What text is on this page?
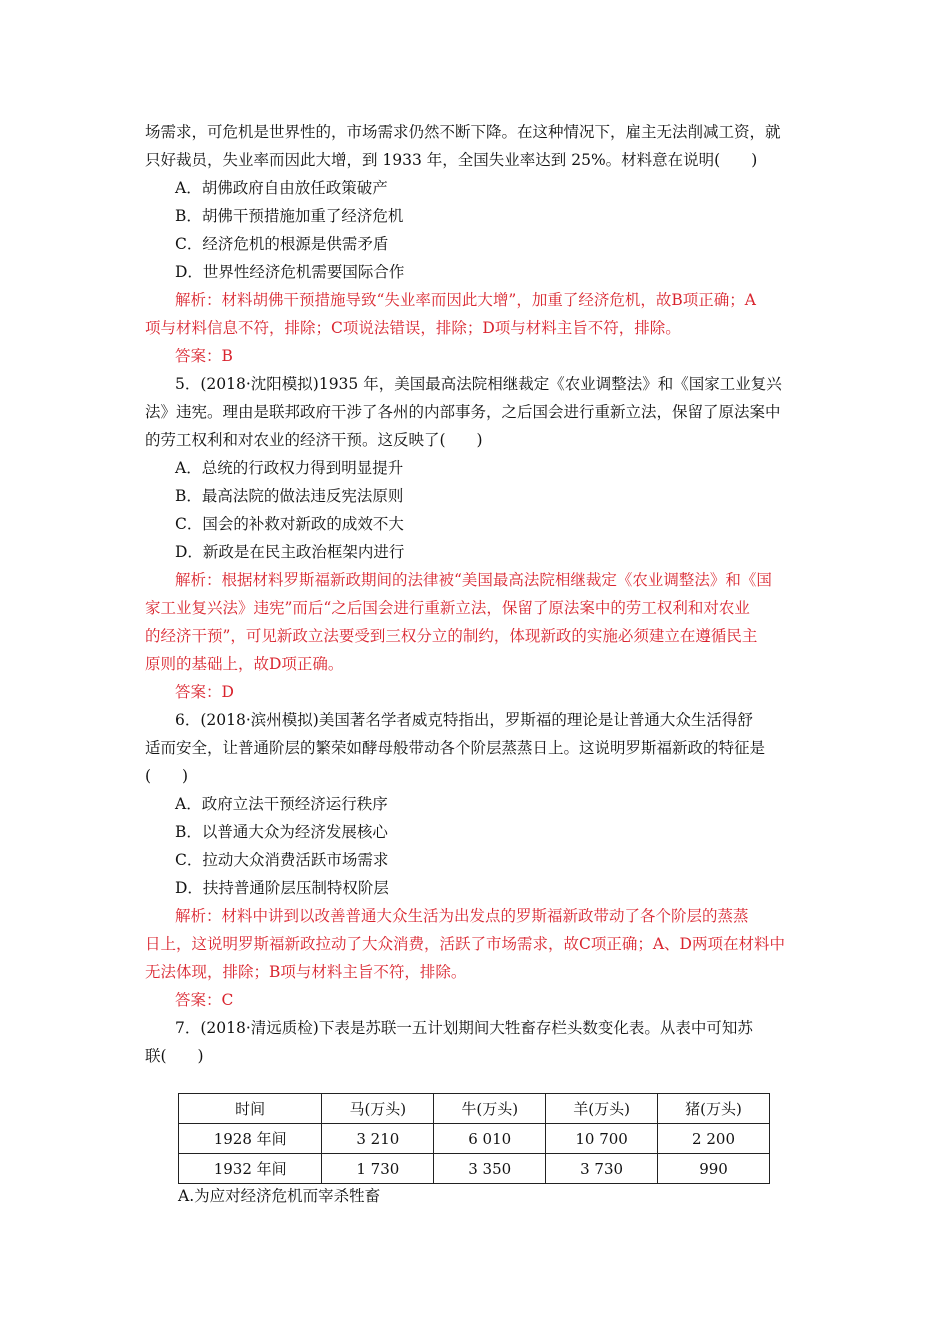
场需求，可危机是世界性的，市场需求仍然不断下降。在这种情况下，雇主无法削减工资，就
只好裁员，失业率而因此大增，到 1933 年，全国失业率达到 25%。材料意在说明(　　)
A．胡佛政府自由放任政策破产
B．胡佛干预措施加重了经济危机
C．经济危机的根源是供需矛盾
D．世界性经济危机需要国际合作
解析：材料胡佛干预措施导致“失业率而因此大增”，加重了经济危机，故B项正确；A
项与材料信息不符，排除；C项说法错误，排除；D项与材料主旨不符，排除。
答案：B
5．(2018·沈阳模拟)1935 年，美国最高法院相继裁定《农业调整法》和《国家工业复兴
法》违宪。理由是联邦政府干涉了各州的内部事务，之后国会进行重新立法，保留了原法案中
的劳工权利和对农业的经济干预。这反映了(　　)
A．总统的行政权力得到明显提升
B．最高法院的做法违反宪法原则
C．国会的补救对新政的成效不大
D．新政是在民主政治框架内进行
解析：根据材料罗斯福新政期间的法律被“美国最高法院相继裁定《农业调整法》和《国
家工业复兴法》违宪”而后“之后国会进行重新立法，保留了原法案中的劳工权利和对农业
的经济干预”，可见新政立法要受到三权分立的制约，体现新政的实施必须建立在遵循民主
原则的基础上，故D项正确。
答案：D
6．(2018·滨州模拟)美国著名学者威克特指出，罗斯福的理论是让普通大众生活得舒
适而安全，让普通阶层的繁荣如酵母般带动各个阶层蒸蒸日上。这说明罗斯福新政的特征是
(　　)
A．政府立法干预经济运行秩序
B．以普通大众为经济发展核心
C．拉动大众消费活跃市场需求
D．扶持普通阶层压制特权阶层
解析：材料中讲到以改善普通大众生活为出发点的罗斯福新政带动了各个阶层的蒸蒸
日上，这说明罗斯福新政拉动了大众消费，活跃了市场需求，故C项正确；A、D两项在材料中
无法体现，排除；B项与材料主旨不符，排除。
答案：C
7．(2018·清远质检)下表是苏联一五计划期间大牲畜存栏头数变化表。从表中可知苏
联(　　)
时间	马(万头)	牛(万头)	羊(万头)	猪(万头)
1928 年间	3 210	6 010	10 700	2 200
1932 年间	1 730	3 350	3 730	990
A.为应对经济危机而宰杀牲畜
